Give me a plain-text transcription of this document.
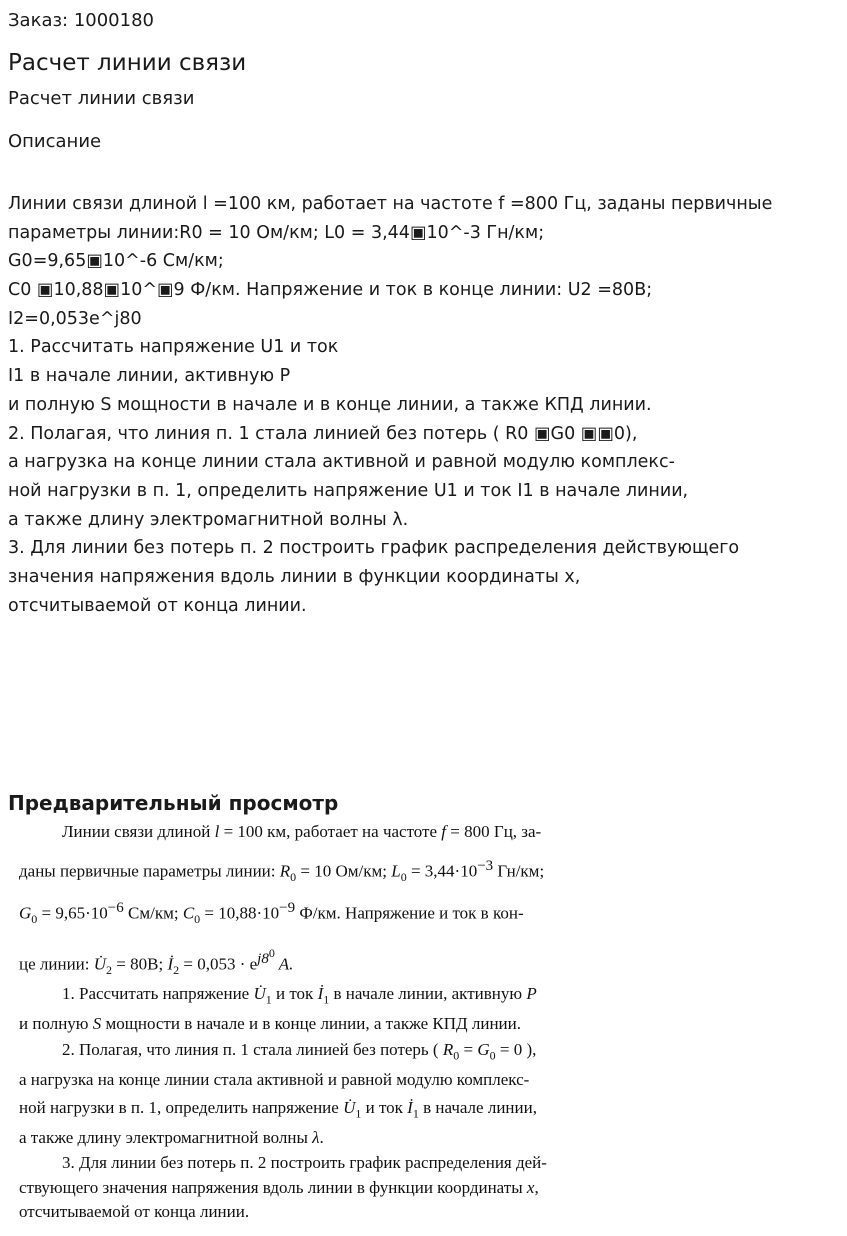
Заказ: 1000180
Расчет линии связи
Расчет линии связи
Описание
Линии связи длиной l =100 км, работает на частоте f =800 Гц, заданы первичные
параметры линии:R0 = 10 Ом/км; L0 = 3,44▣10^-3 Гн/км;
G0=9,65▣10^-6 См/км;
C0 ▣10,88▣10^▣9 Ф/км. Напряжение и ток в конце линии: U2 =80B;
I2=0,053e^j80
1. Рассчитать напряжение U1 и ток
I1 в начале линии, активную P
и полную S мощности в начале и в конце линии, а также КПД линии.
2. Полагая, что линия п. 1 стала линией без потерь ( R0 ▣G0 ▣▣0),
а нагрузка на конце линии стала активной и равной модулю комплекс-
ной нагрузки в п. 1, определить напряжение U1 и ток I1 в начале линии,
а также длину электромагнитной волны λ.
3. Для линии без потерь п. 2 построить график распределения действующего
значения напряжения вдоль линии в функции координаты x,
отсчитываемой от конца линии.
Предварительный просмотр
Линии связи длиной l = 100 км, работает на частоте f = 800 Гц, за-
даны первичные параметры линии: $R_0 = 10$ Ом/км; $L_0 = 3,44\cdot 10^{-3}$ Гн/км;
$G_0 = 9,65\cdot 10^{-6}$ См/км; $C_0 = 10,88\cdot 10^{-9}$ Ф/км. Напряжение и ток в кон-
це линии: $U̇_2 = 80B$; $İ_2 = 0,053 \cdot e^{j8^0}$ A.
1. Рассчитать напряжение $U̇_1$ и ток $İ_1$ в начале линии, активную P
и полную S мощности в начале и в конце линии, а также КПД линии.
2. Полагая, что линия п. 1 стала линией без потерь ( $R_0 = G_0 = 0$ ),
а нагрузка на конце линии стала активной и равной модулю комплекс-
ной нагрузки в п. 1, определить напряжение $U̇_1$ и ток $İ_1$ в начале линии,
а также длину электромагнитной волны λ.
3. Для линии без потерь п. 2 построить график распределения дей-
ствующего значения напряжения вдоль линии в функции координаты x,
отсчитываемой от конца линии.
